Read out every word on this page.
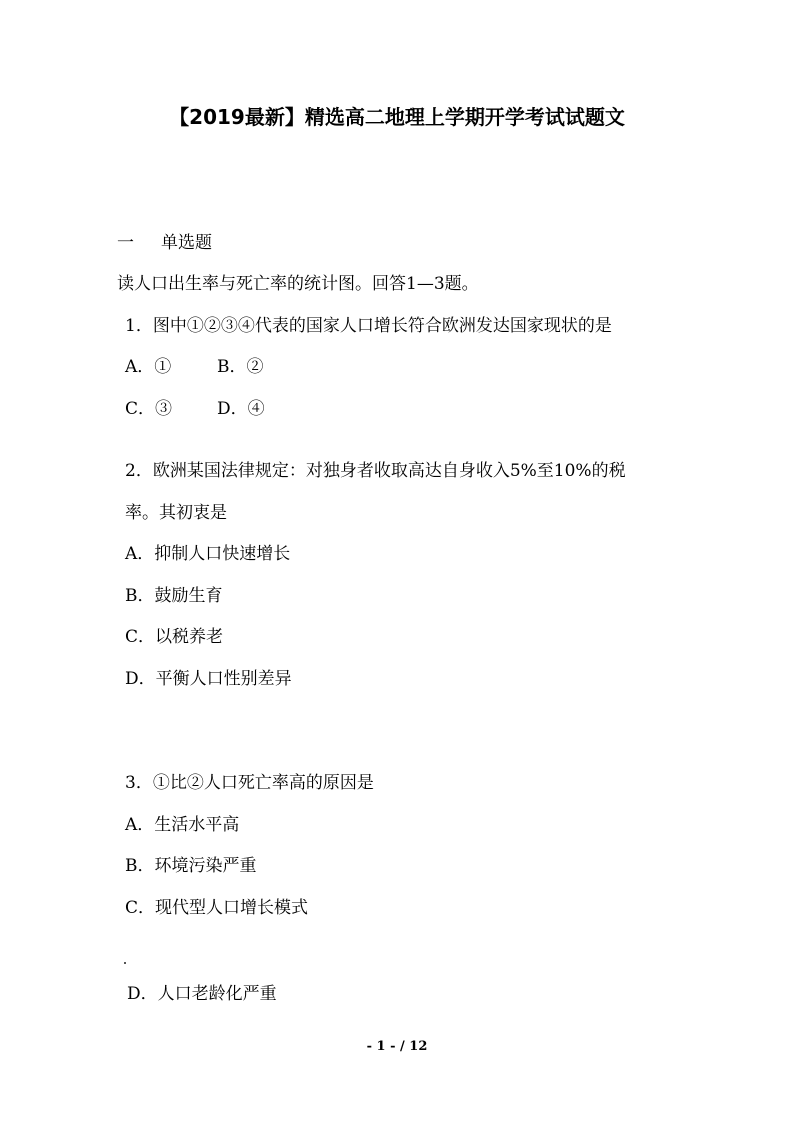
【2019最新】精选高二地理上学期开学考试试题文
一 单选题
读人口出生率与死亡率的统计图。回答1—3题。
1．图中①②③④代表的国家人口增长符合欧洲发达国家现状的是
A．①	B．②
C．③	D．④
2．欧洲某国法律规定：对独身者收取高达自身收入5%至10%的税
率。其初衷是
A．抑制人口快速增长
B．鼓励生育
C．以税养老
D．平衡人口性别差异
3．①比②人口死亡率高的原因是
A．生活水平高
B．环境污染严重
C．现代型人口增长模式
D．人口老龄化严重
- 1 - / 12
